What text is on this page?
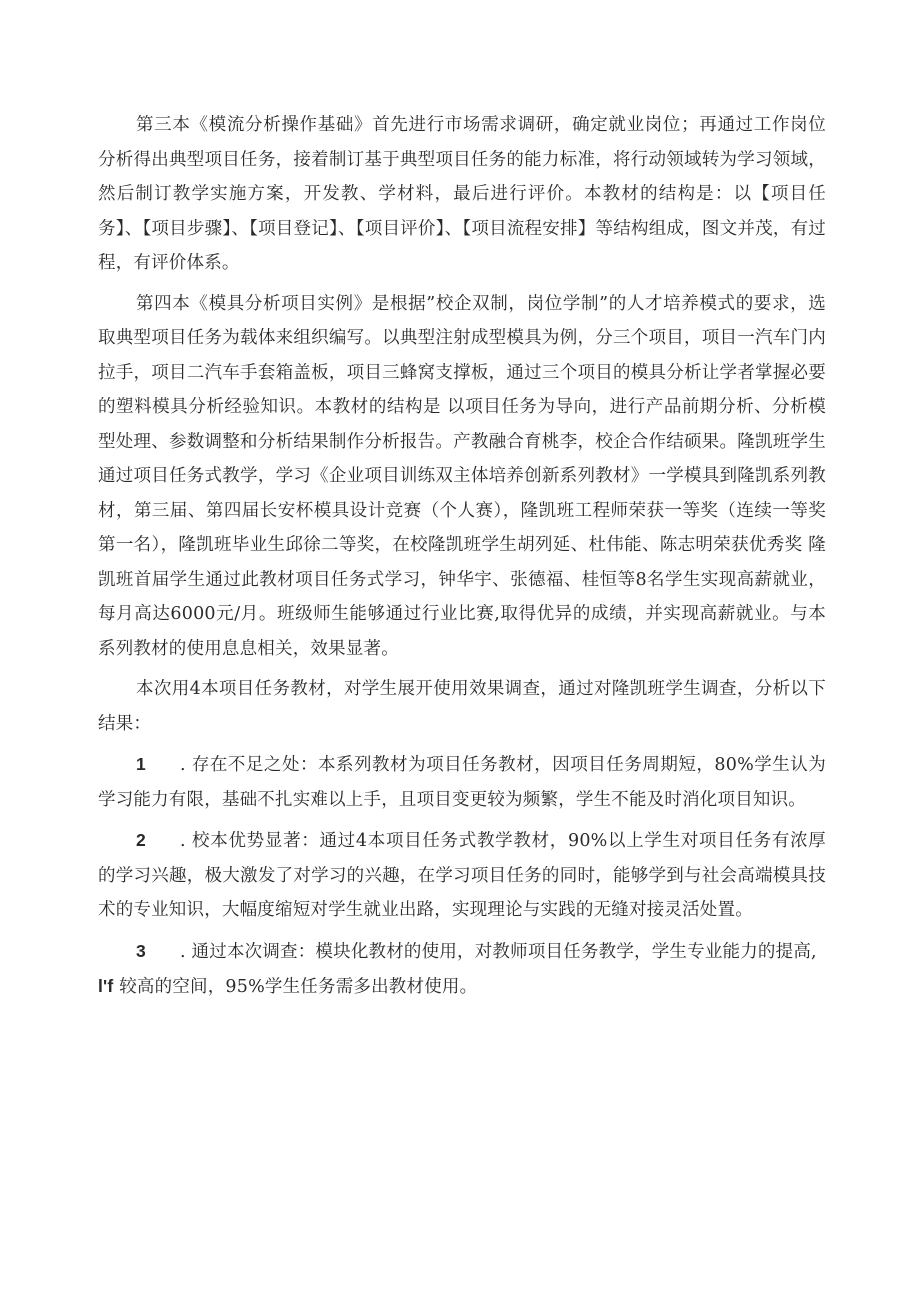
第三本《模流分析操作基础》首先进行市场需求调研，确定就业岗位；再通过工作岗位分析得出典型项目任务，接着制订基于典型项目任务的能力标准，将行动领域转为学习领域，然后制订教学实施方案，开发教、学材料，最后进行评价。本教材的结构是：以【项目任务】、【项目步骤】、【项目登记】、【项目评价】、【项目流程安排】等结构组成，图文并茂，有过程，有评价体系。

第四本《模具分析项目实例》是根据”校企双制，岗位学制”的人才培养模式的要求，选取典型项目任务为载体来组织编写。以典型注射成型模具为例，分三个项目，项目一汽车门内拉手，项目二汽车手套箱盖板，项目三蜂窝支撑板，通过三个项目的模具分析让学者掌握必要的塑料模具分析经验知识。本教材的结构是 以项目任务为导向，进行产品前期分析、分析模型处理、参数调整和分析结果制作分析报告。产教融合育桃李，校企合作结硕果。隆凯班学生通过项目任务式教学，学习《企业项目训练双主体培养创新系列教材》一学模具到隆凯系列教材，第三届、第四届长安杯模具设计竞赛（个人赛），隆凯班工程师荣获一等奖（连续一等奖第一名），隆凯班毕业生邱徐二等奖，在校隆凯班学生胡列延、杜伟能、陈志明荣获优秀奖 隆凯班首届学生通过此教材项目任务式学习，钟华宇、张德福、桂恒等8名学生实现高薪就业，每月高达6000元/月。班级师生能够通过行业比赛,取得优异的成绩，并实现高薪就业。与本系列教材的使用息息相关，效果显著。

本次用4本项目任务教材，对学生展开使用效果调查，通过对隆凯班学生调查，分析以下结果：

1 . 存在不足之处：本系列教材为项目任务教材，因项目任务周期短，80%学生认为学习能力有限，基础不扎实难以上手，且项目变更较为频繁，学生不能及时消化项目知识。

2 . 校本优势显著：通过4本项目任务式教学教材，90%以上学生对项目任务有浓厚的学习兴趣，极大激发了对学习的兴趣，在学习项目任务的同时，能够学到与社会高端模具技术的专业知识，大幅度缩短对学生就业出路，实现理论与实践的无缝对接灵活处置。

3 . 通过本次调查：模块化教材的使用，对教师项目任务教学，学生专业能力的提高,
l'f 较高的空间，95%学生任务需多出教材使用。
